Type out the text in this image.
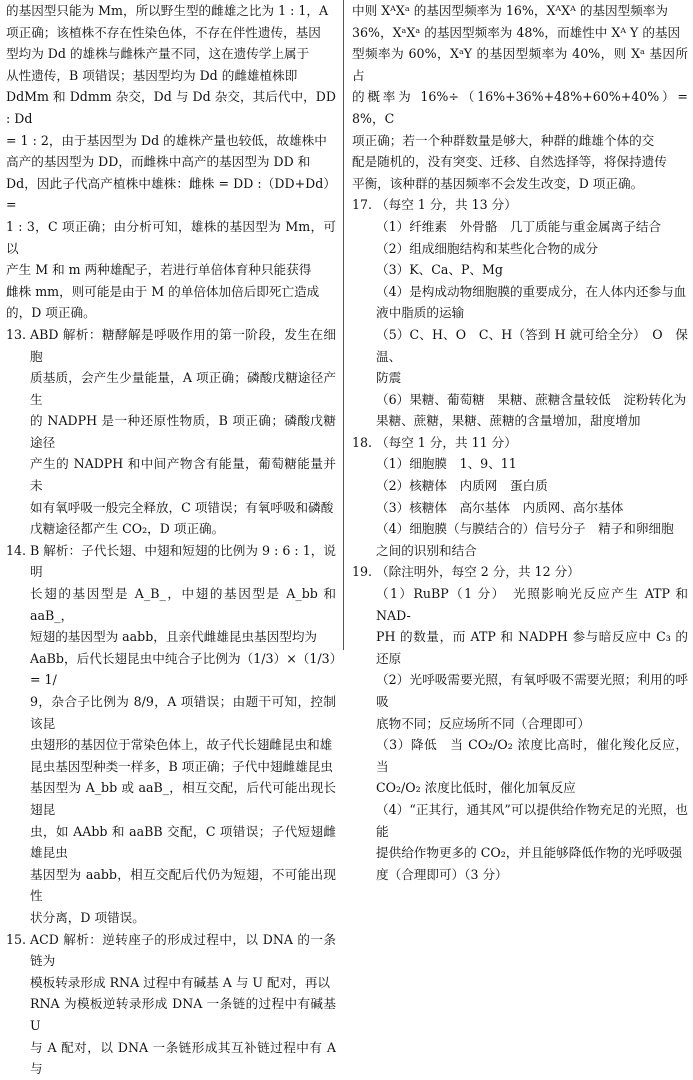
的基因型只能为 Mm，所以野生型的雌雄之比为 1 : 1，A

项正确；该植株不存在性染色体，不存在伴性遗传，基因

型均为 Dd 的雄株与雌株产量不同，这在遗传学上属于

从性遗传，B 项错误；基因型均为 Dd 的雌雄植株即

DdMm 和 Ddmm 杂交，Dd 与 Dd 杂交，其后代中，DD : Dd

= 1 : 2，由于基因型为 Dd 的雄株产量也较低，故雄株中

高产的基因型为 DD，而雌株中高产的基因型为 DD 和

Dd，因此子代高产植株中雄株：雌株 = DD :（DD+Dd）=

1 : 3，C 项正确；由分析可知，雄株的基因型为 Mm，可以

产生 M 和 m 两种雄配子，若进行单倍体育种只能获得

雌株 mm，则可能是由于 M 的单倍体加倍后即死亡造成

的，D 项正确。

13. ABD 解析：糖酵解是呼吸作用的第一阶段，发生在细胞

质基质，会产生少量能量，A 项正确；磷酸戊糖途径产生

的 NADPH 是一种还原性物质，B 项正确；磷酸戊糖途径

产生的 NADPH 和中间产物含有能量，葡萄糖能量并未

如有氧呼吸一般完全释放，C 项错误；有氧呼吸和磷酸

戊糖途径都产生 CO₂，D 项正确。

14. B 解析：子代长翅、中翅和短翅的比例为 9 : 6 : 1，说明

长翅的基因型是 A_B_，中翅的基因型是 A_bb 和 aaB_，

短翅的基因型为 aabb，且亲代雌雄昆虫基因型均为

AaBb，后代长翅昆虫中纯合子比例为（1/3）×（1/3）= 1/

9，杂合子比例为 8/9，A 项错误；由题干可知，控制该昆

虫翅形的基因位于常染色体上，故子代长翅雌昆虫和雄

昆虫基因型种类一样多，B 项正确；子代中翅雌雄昆虫

基因型为 A_bb 或 aaB_，相互交配，后代可能出现长翅昆

虫，如 AAbb 和 aaBB 交配，C 项错误；子代短翅雌雄昆虫

基因型为 aabb，相互交配后代仍为短翅，不可能出现性

状分离，D 项错误。

15. ACD 解析：逆转座子的形成过程中，以 DNA 的一条链为

模板转录形成 RNA 过程中有碱基 A 与 U 配对，再以

RNA 为模板逆转录形成 DNA 一条链的过程中有碱基 U

与 A 配对，以 DNA 一条链形成其互补链过程中有 A 与

中则 XᴬXᵃ 的基因型频率为 16%，XᴬXᴬ 的基因型频率为

36%，XᵃXᵃ 的基因型频率为 48%，而雄性中 Xᴬ Y 的基因

型频率为 60%，XᵃY 的基因型频率为 40%，则 Xᵃ 基因所占

的概率为 16%÷（16%+36%+48%+60%+40%）= 8%，C

项正确；若一个种群数量是够大，种群的雌雄个体的交

配是随机的，没有突变、迁移、自然选择等，将保持遗传

平衡，该种群的基因频率不会发生改变，D 项正确。

17. （每空 1 分，共 13 分）

（1）纤维素　外骨骼　几丁质能与重金属离子结合

（2）组成细胞结构和某些化合物的成分

（3）K、Ca、P、Mg

（4）是构成动物细胞膜的重要成分，在人体内还参与血

液中脂质的运输

（5）C、H、O　C、H（答到 H 就可给全分）　O　保温、

防震

（6）果糖、葡萄糖　果糖、蔗糖含量较低　淀粉转化为

果糖、蔗糖，果糖、蔗糖的含量增加，甜度增加

18. （每空 1 分，共 11 分）

（1）细胞膜　1、9、11

（2）核糖体　内质网　蛋白质

（3）核糖体　高尔基体　内质网、高尔基体

（4）细胞膜（与膜结合的）信号分子　精子和卵细胞

之间的识别和结合

19. （除注明外，每空 2 分，共 12 分）

（1）RuBP（1 分）　光照影响光反应产生 ATP 和 NAD-

PH 的数量，而 ATP 和 NADPH 参与暗反应中 C₃ 的还原

（2）光呼吸需要光照，有氧呼吸不需要光照；利用的呼吸

底物不同；反应场所不同（合理即可）

（3）降低　当 CO₂/O₂ 浓度比高时，催化羧化反应，当

CO₂/O₂ 浓度比低时，催化加氧反应

（4）“正其行，通其风”可以提供给作物充足的光照，也能

提供给作物更多的 CO₂，并且能够降低作物的光呼吸强

度（合理即可）（3 分）
